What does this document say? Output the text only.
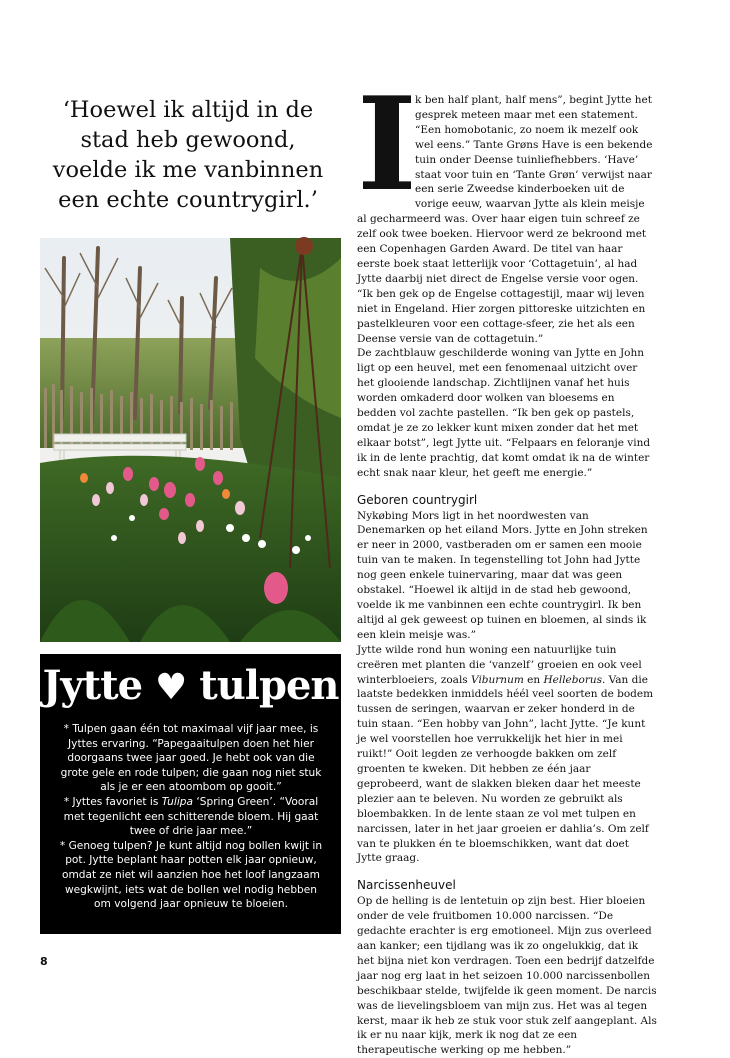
‘Hoewel ik altijd in de stad heb gewoond, voelde ik me vanbinnen een echte countrygirl.’
Jytte ♥ tulpen

* Tulpen gaan één tot maximaal vijf jaar mee, is Jyttes ervaring. “Papegaaitulpen doen het hier doorgaans twee jaar goed. Je hebt ook van die grote gele en rode tulpen; die gaan nog niet stuk als je er een atoombom op gooit.”

* Jyttes favoriet is Tulipa ‘Spring Green’. “Vooral met tegenlicht een schitterende bloem. Hij gaat twee of drie jaar mee.”

* Genoeg tulpen? Je kunt altijd nog bollen kwijt in pot. Jytte beplant haar potten elk jaar opnieuw, omdat ze niet wil aanzien hoe het loof langzaam wegkwijnt, iets wat de bollen wel nodig hebben om volgend jaar opnieuw te bloeien.

8

I
k ben half plant, half mens”, begint Jytte het gesprek meteen maar met een statement. “Een homobotanic, zo noem ik mezelf ook wel eens.” Tante Grøns Have is een bekende tuin onder Deense tuinliefhebbers. ‘Have’ staat voor tuin en ‘Tante Grøn’ verwijst naar een serie Zweedse kinderboeken uit de vorige eeuw, waarvan Jytte als klein meisje al gecharmeerd was. Over haar eigen tuin schreef ze zelf ook twee boeken. Hiervoor werd ze bekroond met een Copenhagen Garden Award. De titel van haar eerste boek staat letterlijk voor ‘Cottagetuin’, al had Jytte daarbij niet direct de Engelse versie voor ogen. “Ik ben gek op de Engelse cottagestijl, maar wij leven niet in Engeland. Hier zorgen pittoreske uitzichten en pastelkleuren voor een cottage-sfeer, zie het als een Deense versie van de cottagetuin.”

De zachtblauw geschilderde woning van Jytte en John ligt op een heuvel, met een fenomenaal uitzicht over het glooiende landschap. Zichtlijnen vanaf het huis worden omkaderd door wolken van bloesems en bedden vol zachte pastellen. “Ik ben gek op pastels, omdat je ze zo lekker kunt mixen zonder dat het met elkaar botst”, legt Jytte uit. “Felpaars en feloranje vind ik in de lente prachtig, dat komt omdat ik na de winter echt snak naar kleur, het geeft me energie.”

Geboren countrygirl

Nykøbing Mors ligt in het noordwesten van Denemarken op het eiland Mors. Jytte en John streken er neer in 2000, vastberaden om er samen een mooie tuin van te maken. In tegenstelling tot John had Jytte nog geen enkele tuinervaring, maar dat was geen obstakel. “Hoewel ik altijd in de stad heb gewoond, voelde ik me vanbinnen een echte countrygirl. Ik ben altijd al gek geweest op tuinen en bloemen, al sinds ik een klein meisje was.”

Jytte wilde rond hun woning een natuurlijke tuin creëren met planten die ‘vanzelf’ groeien en ook veel winterbloeiers, zoals Viburnum en Helleborus. Van die laatste bedekken inmiddels héél veel soorten de bodem tussen de seringen, waarvan er zeker honderd in de tuin staan. “Een hobby van John”, lacht Jytte. “Je kunt je wel voorstellen hoe verrukkelijk het hier in mei ruikt!” Ooit legden ze verhoogde bakken om zelf groenten te kweken. Dit hebben ze één jaar geprobeerd, want de slakken bleken daar het meeste plezier aan te beleven. Nu worden ze gebruikt als bloembakken. In de lente staan ze vol met tulpen en narcissen, later in het jaar groeien er dahlia’s. Om zelf van te plukken én te bloemschikken, want dat doet Jytte graag.

Narcissenheuvel

Op de helling is de lentetuin op zijn best. Hier bloeien onder de vele fruitbomen 10.000 narcissen. “De gedachte erachter is erg emotioneel. Mijn zus overleed aan kanker; een tijdlang was ik zo ongelukkig, dat ik het bijna niet kon verdragen. Toen een bedrijf datzelfde jaar nog erg laat in het seizoen 10.000 narcissenbollen beschikbaar stelde, twijfelde ik geen moment. De narcis was de lievelingsbloem van mijn zus. Het was al tegen kerst, maar ik heb ze stuk voor stuk zelf aangeplant. Als ik er nu naar kijk, merk ik nog dat ze een therapeutische werking op me hebben.”
